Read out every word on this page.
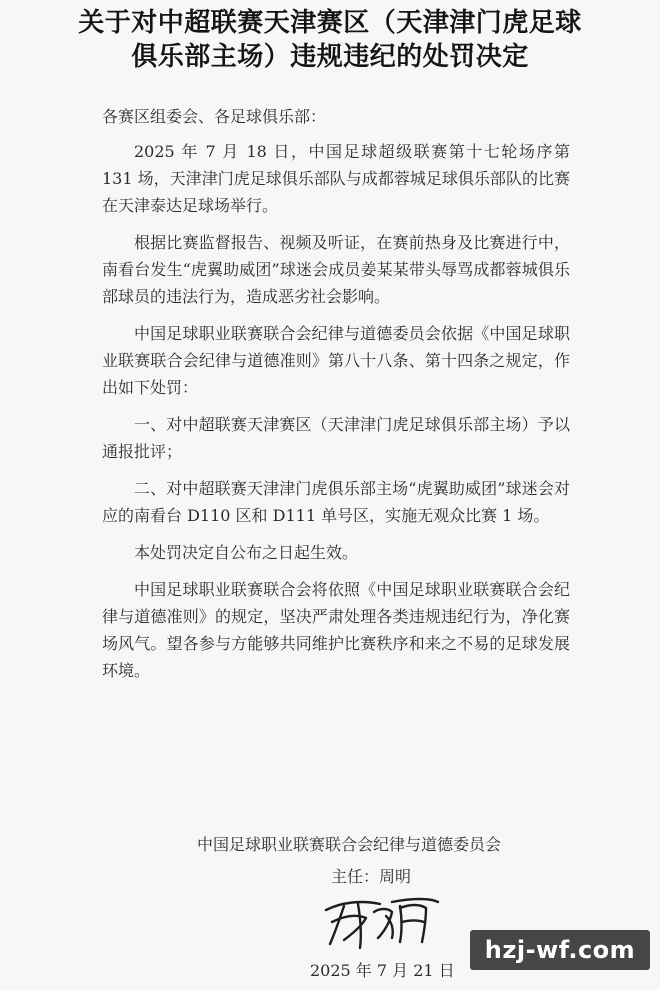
关于对中超联赛天津赛区（天津津门虎足球
俱乐部主场）违规违纪的处罚决定

各赛区组委会、各足球俱乐部：

2025 年 7 月 18 日，中国足球超级联赛第十七轮场序第 131 场，天津津门虎足球俱乐部队与成都蓉城足球俱乐部队的比赛在天津泰达足球场举行。

根据比赛监督报告、视频及听证，在赛前热身及比赛进行中，南看台发生“虎翼助威团”球迷会成员姜某某带头辱骂成都蓉城俱乐部球员的违法行为，造成恶劣社会影响。

中国足球职业联赛联合会纪律与道德委员会依据《中国足球职业联赛联合会纪律与道德准则》第八十八条、第十四条之规定，作出如下处罚：

一、对中超联赛天津赛区（天津津门虎足球俱乐部主场）予以通报批评；

二、对中超联赛天津津门虎俱乐部主场“虎翼助威团”球迷会对应的南看台 D110 区和 D111 单号区，实施无观众比赛 1 场。

本处罚决定自公布之日起生效。

中国足球职业联赛联合会将依照《中国足球职业联赛联合会纪律与道德准则》的规定，坚决严肃处理各类违规违纪行为，净化赛场风气。望各参与方能够共同维护比赛秩序和来之不易的足球发展环境。

中国足球职业联赛联合会纪律与道德委员会
主任：周明
2025 年 7 月 21 日
hzj-wf.com
